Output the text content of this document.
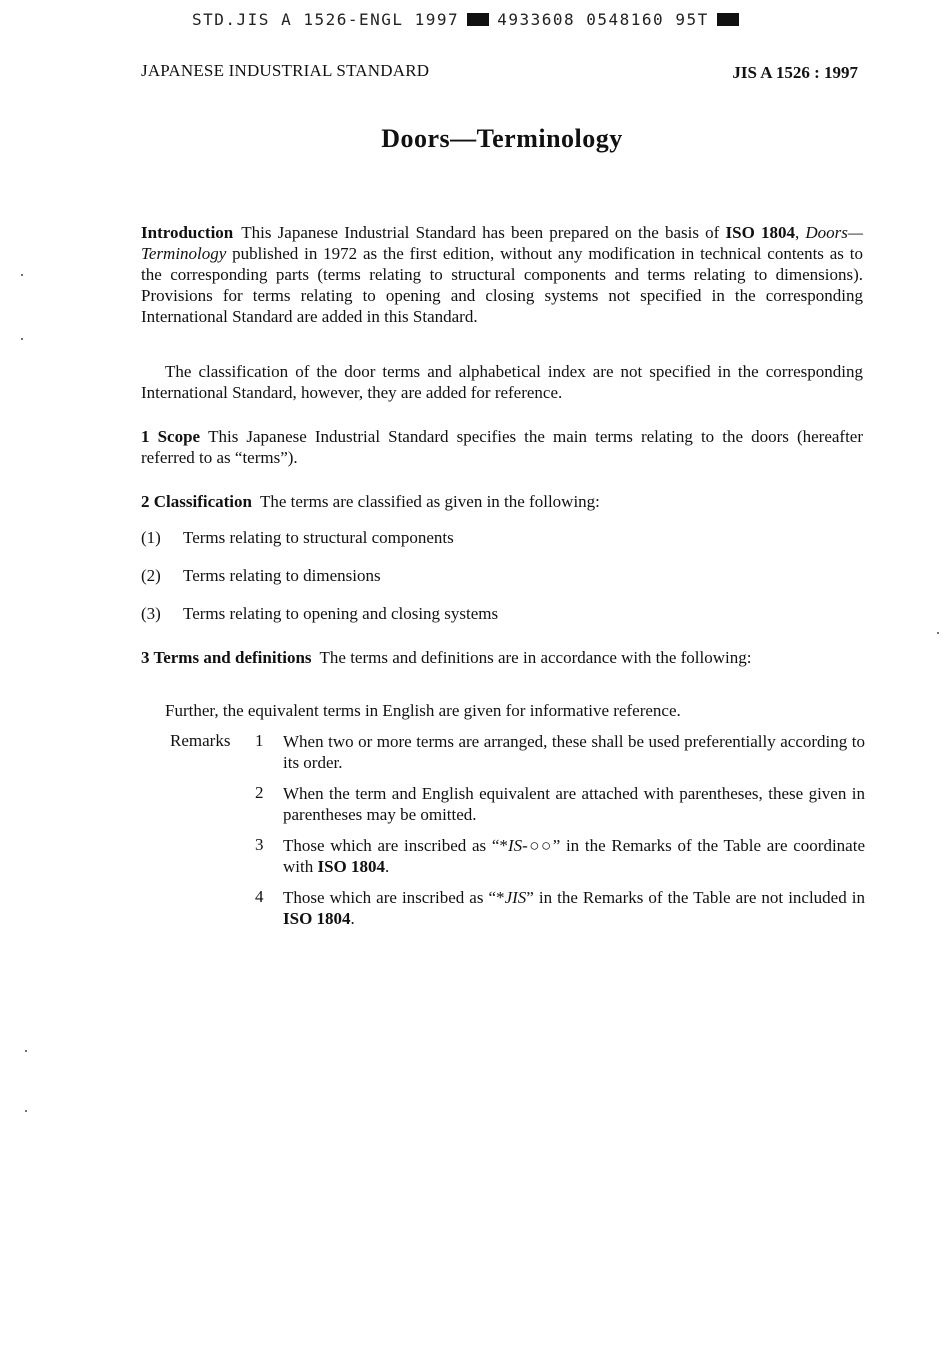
STD.JIS A 1526-ENGL 1997 4933608 0548160 95T
JAPANESE INDUSTRIAL STANDARD	JIS A 1526 : 1997
Doors—Terminology
Introduction This Japanese Industrial Standard has been prepared on the basis of ISO 1804, Doors—Terminology published in 1972 as the first edition, without any modification in technical contents as to the corresponding parts (terms relating to structural components and terms relating to dimensions). Provisions for terms relating to opening and closing systems not specified in the corresponding International Standard are added in this Standard.
The classification of the door terms and alphabetical index are not specified in the corresponding International Standard, however, they are added for reference.
1 Scope This Japanese Industrial Standard specifies the main terms relating to the doors (hereafter referred to as “terms”).
2 Classification The terms are classified as given in the following:
(1) Terms relating to structural components
(2) Terms relating to dimensions
(3) Terms relating to opening and closing systems
3 Terms and definitions The terms and definitions are in accordance with the following:
Further, the equivalent terms in English are given for informative reference.
Remarks 1 When two or more terms are arranged, these shall be used preferentially according to its order.
2 When the term and English equivalent are attached with parentheses, these given in parentheses may be omitted.
3 Those which are inscribed as “*IS-○○” in the Remarks of the Table are coordinate with ISO 1804.
4 Those which are inscribed as “*JIS” in the Remarks of the Table are not included in ISO 1804.
